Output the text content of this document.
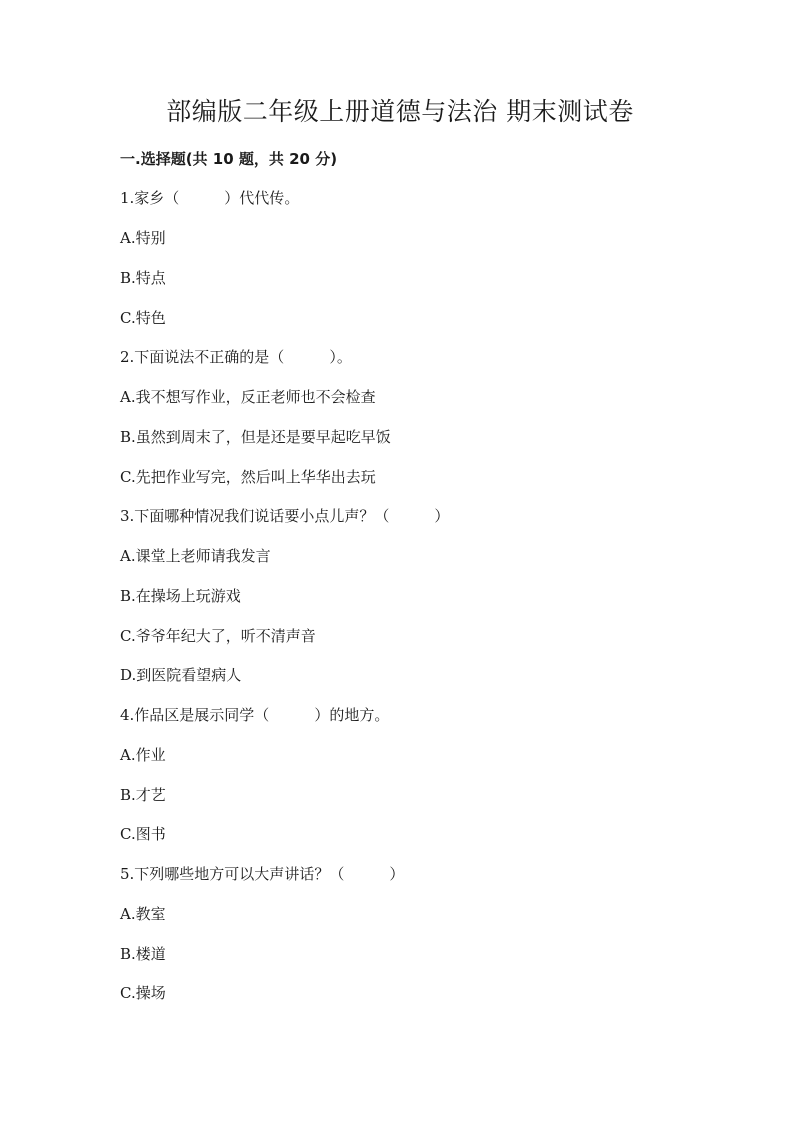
部编版二年级上册道德与法治 期末测试卷
一.选择题(共 10 题，共 20 分)
1.家乡（　　　）代代传。
A.特别
B.特点
C.特色
2.下面说法不正确的是（　　　）。
A.我不想写作业，反正老师也不会检查
B.虽然到周末了，但是还是要早起吃早饭
C.先把作业写完，然后叫上华华出去玩
3.下面哪种情况我们说话要小点儿声？（　　　）
A.课堂上老师请我发言
B.在操场上玩游戏
C.爷爷年纪大了，听不清声音
D.到医院看望病人
4.作品区是展示同学（　　　）的地方。
A.作业
B.才艺
C.图书
5.下列哪些地方可以大声讲话？（　　　）
A.教室
B.楼道
C.操场
